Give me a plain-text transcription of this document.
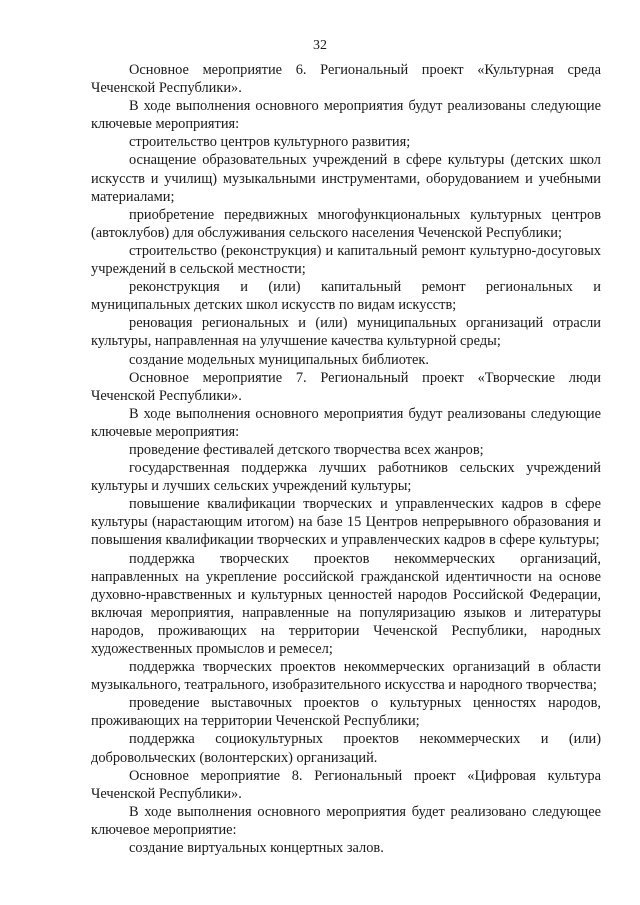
32

Основное мероприятие 6. Региональный проект «Культурная среда Чеченской Республики».

В ходе выполнения основного мероприятия будут реализованы следующие ключевые мероприятия:

строительство центров культурного развития;

оснащение образовательных учреждений в сфере культуры (детских школ искусств и училищ) музыкальными инструментами, оборудованием и учебными материалами;

приобретение передвижных многофункциональных культурных центров (автоклубов) для обслуживания сельского населения Чеченской Республики;

строительство (реконструкция) и капитальный ремонт культурно-досуговых учреждений в сельской местности;

реконструкция и (или) капитальный ремонт региональных и муниципальных детских школ искусств по видам искусств;

реновация региональных и (или) муниципальных организаций отрасли культуры, направленная на улучшение качества культурной среды;

создание модельных муниципальных библиотек.

Основное мероприятие 7. Региональный проект «Творческие люди Чеченской Республики».

В ходе выполнения основного мероприятия будут реализованы следующие ключевые мероприятия:

проведение фестивалей детского творчества всех жанров;

государственная поддержка лучших работников сельских учреждений культуры и лучших сельских учреждений культуры;

повышение квалификации творческих и управленческих кадров в сфере культуры (нарастающим итогом) на базе 15 Центров непрерывного образования и повышения квалификации творческих и управленческих кадров в сфере культуры;

поддержка творческих проектов некоммерческих организаций, направленных на укрепление российской гражданской идентичности на основе духовно-нравственных и культурных ценностей народов Российской Федерации, включая мероприятия, направленные на популяризацию языков и литературы народов, проживающих на территории Чеченской Республики, народных художественных промыслов и ремесел;

поддержка творческих проектов некоммерческих организаций в области музыкального, театрального, изобразительного искусства и народного творчества;

проведение выставочных проектов о культурных ценностях народов, проживающих на территории Чеченской Республики;

поддержка социокультурных проектов некоммерческих и (или) добровольческих (волонтерских) организаций.

Основное мероприятие 8. Региональный проект «Цифровая культура Чеченской Республики».

В ходе выполнения основного мероприятия будет реализовано следующее ключевое мероприятие:

создание виртуальных концертных залов.
